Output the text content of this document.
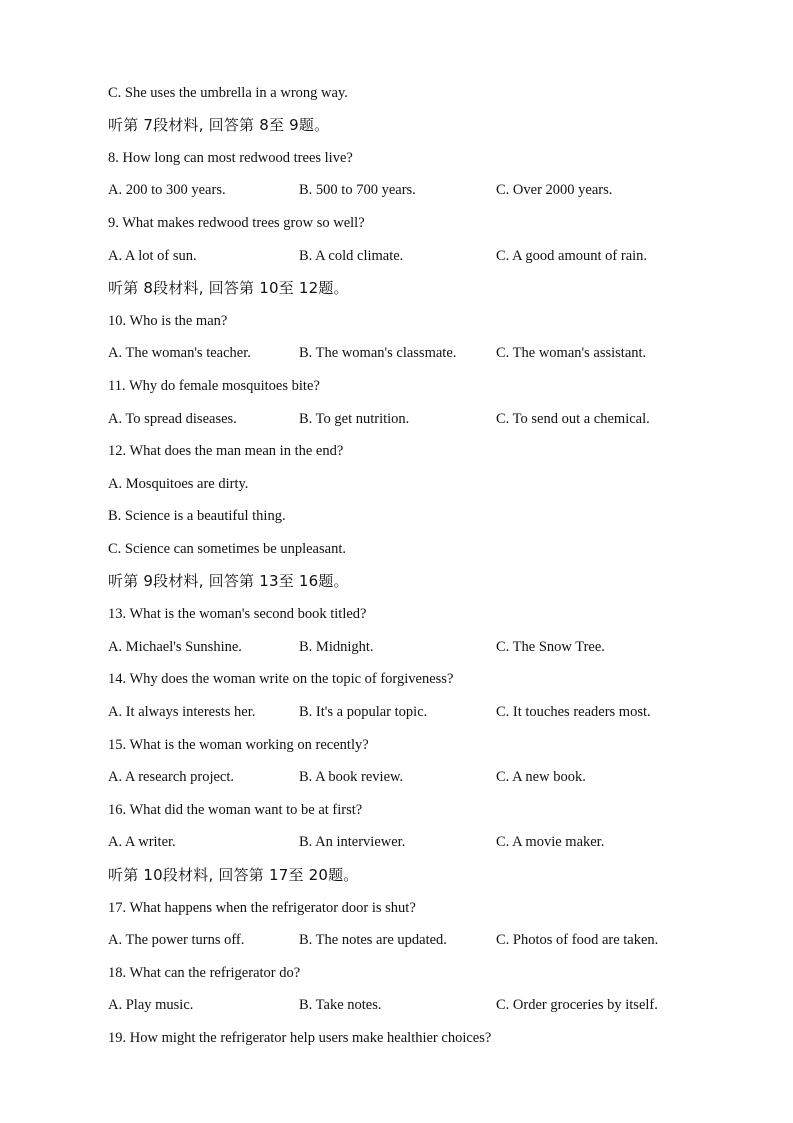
C. She uses the umbrella in a wrong way.
听第 7段材料, 回答第 8至 9题。
8. How long can most redwood trees live?
A. 200 to 300 years.	B. 500 to 700 years.	C. Over 2000 years.
9. What makes redwood trees grow so well?
A. A lot of sun.	B. A cold climate.	C. A good amount of rain.
听第 8段材料, 回答第 10至 12题。
10. Who is the man?
A. The woman's teacher.	B. The woman's classmate.	C. The woman's assistant.
11. Why do female mosquitoes bite?
A. To spread diseases.	B. To get nutrition.	C. To send out a chemical.
12. What does the man mean in the end?
A. Mosquitoes are dirty.
B. Science is a beautiful thing.
C. Science can sometimes be unpleasant.
听第 9段材料, 回答第 13至 16题。
13. What is the woman's second book titled?
A. Michael's Sunshine.	B. Midnight.	C. The Snow Tree.
14. Why does the woman write on the topic of forgiveness?
A. It always interests her.	B. It's a popular topic.	C. It touches readers most.
15. What is the woman working on recently?
A. A research project.	B. A book review.	C. A new book.
16. What did the woman want to be at first?
A. A writer.	B. An interviewer.	C. A movie maker.
听第 10段材料, 回答第 17至 20题。
17. What happens when the refrigerator door is shut?
A. The power turns off.	B. The notes are updated.	C. Photos of food are taken.
18. What can the refrigerator do?
A. Play music.	B. Take notes.	C. Order groceries by itself.
19. How might the refrigerator help users make healthier choices?
